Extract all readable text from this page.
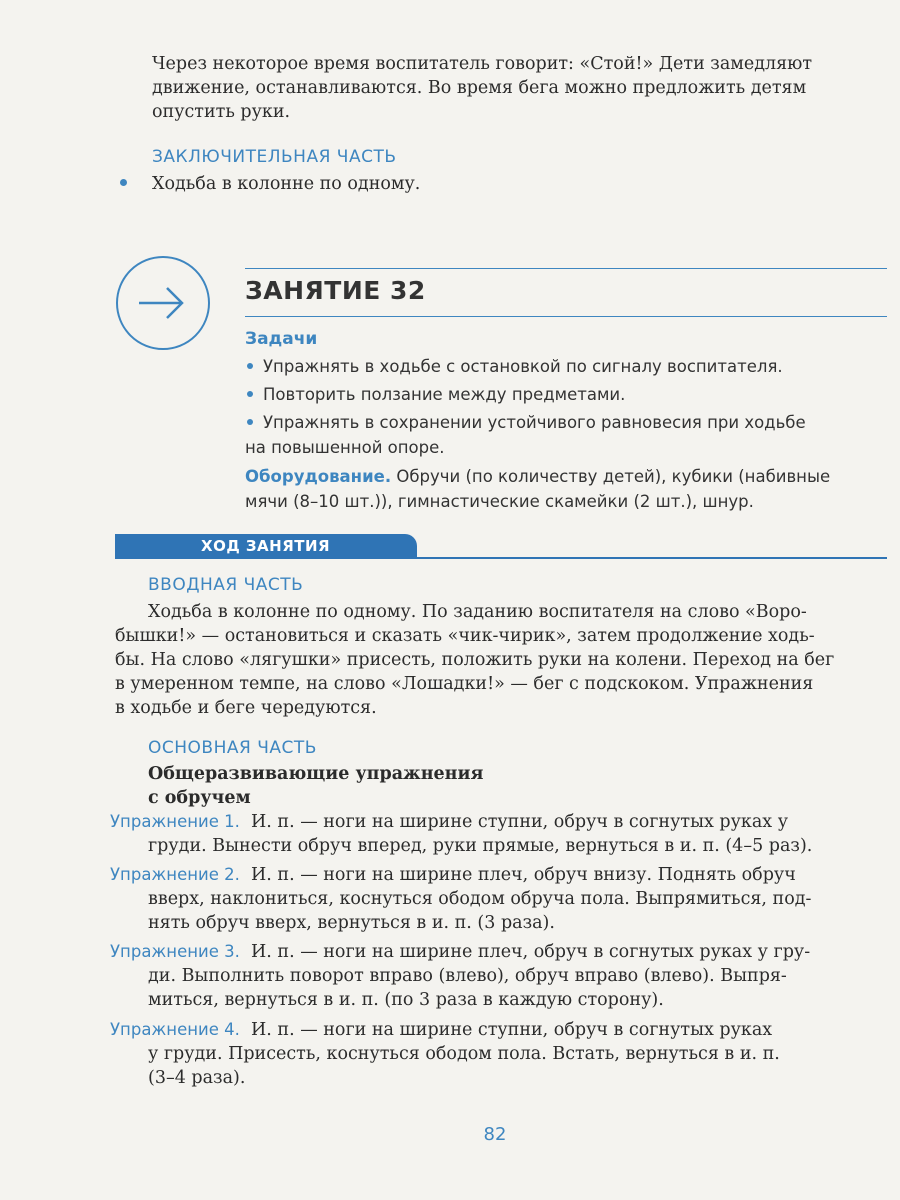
Через некоторое время воспитатель говорит: «Стой!» Дети замедляют
движение, останавливаются. Во время бега можно предложить детям
опустить руки.
ЗАКЛЮЧИТЕЛЬНАЯ ЧАСТЬ
Ходьба в колонне по одному.
ЗАНЯТИЕ 32
Задачи
Упражнять в ходьбе с остановкой по сигналу воспитателя.
Повторить ползание между предметами.
Упражнять в сохранении устойчивого равновесия при ходьбе
на повышенной опоре.
Оборудование. Обручи (по количеству детей), кубики (набивные
мячи (8–10 шт.)), гимнастические скамейки (2 шт.), шнур.
ХОД ЗАНЯТИЯ
ВВОДНАЯ ЧАСТЬ
Ходьба в колонне по одному. По заданию воспитателя на слово «Воро-
бышки!» — остановиться и сказать «чик-чирик», затем продолжение ходь-
бы. На слово «лягушки» присесть, положить руки на колени. Переход на бег
в умеренном темпе, на слово «Лошадки!» — бег с подскоком. Упражнения
в ходьбе и беге чередуются.
ОСНОВНАЯ ЧАСТЬ
Общеразвивающие упражнения
с обручем
Упражнение 1. И. п. — ноги на ширине ступни, обруч в согнутых руках у
груди. Вынести обруч вперед, руки прямые, вернуться в и. п. (4–5 раз).
Упражнение 2. И. п. — ноги на ширине плеч, обруч внизу. Поднять обруч
вверх, наклониться, коснуться ободом обруча пола. Выпрямиться, под-
нять обруч вверх, вернуться в и. п. (3 раза).
Упражнение 3. И. п. — ноги на ширине плеч, обруч в согнутых руках у гру-
ди. Выполнить поворот вправо (влево), обруч вправо (влево). Выпря-
миться, вернуться в и. п. (по 3 раза в каждую сторону).
Упражнение 4. И. п. — ноги на ширине ступни, обруч в согнутых руках
у груди. Присесть, коснуться ободом пола. Встать, вернуться в и. п.
(3–4 раза).
82
